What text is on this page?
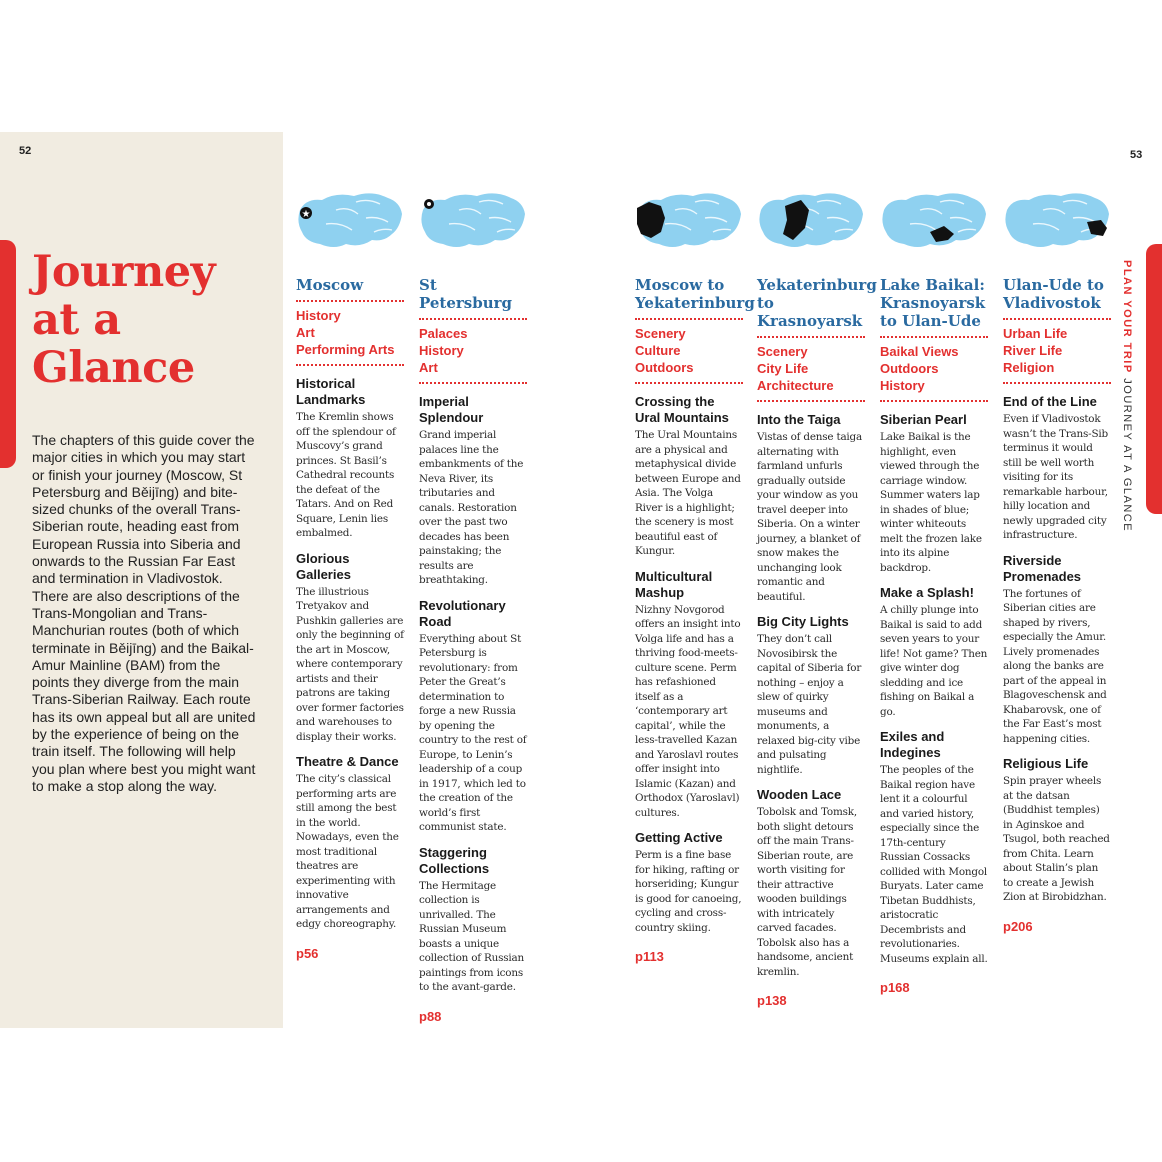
52	53
Journey at a Glance

The chapters of this guide cover the major cities in which you may start or finish your journey (Moscow, St Petersburg and Běijīng) and bite-sized chunks of the overall Trans-Siberian route, heading east from European Russia into Siberia and onwards to the Russian Far East and termination in Vladivostok. There are also descriptions of the Trans-Mongolian and Trans-Manchurian routes (both of which terminate in Běijīng) and the Baikal-Amur Mainline (BAM) from the points they diverge from the main Trans-Siberian Railway. Each route has its own appeal but all are united by the experience of being on the train itself. The following will help you plan where best you might want to make a stop along the way.

PLAN YOUR TRIP JOURNEY AT A GLANCE
★
Moscow
History
Art
Performing Arts
Historical Landmarks

The Kremlin shows off the splendour of Muscovy’s grand princes. St Basil’s Cathedral recounts the defeat of the Tatars. And on Red Square, Lenin lies embalmed.

Glorious Galleries

The illustrious Tretyakov and Pushkin galleries are only the beginning of the art in Moscow, where contemporary artists and their patrons are taking over former factories and warehouses to display their works.

Theatre & Dance

The city’s classical performing arts are still among the best in the world. Nowadays, even the most traditional theatres are experimenting with innovative arrangements and edgy choreography.

p56
St Petersburg
Palaces
History
Art
Imperial Splendour

Grand imperial palaces line the embankments of the Neva River, its tributaries and canals. Restoration over the past two decades has been painstaking; the results are breathtaking.

Revolutionary Road

Everything about St Petersburg is revolutionary: from Peter the Great’s determination to forge a new Russia by opening the country to the rest of Europe, to Lenin’s leadership of a coup in 1917, which led to the creation of the world’s first communist state.

Staggering Collections

The Hermitage collection is unrivalled. The Russian Museum boasts a unique collection of Russian paintings from icons to the avant-garde.

p88
Moscow to Yekaterinburg
Scenery
Culture
Outdoors
Crossing the Ural Mountains

The Ural Mountains are a physical and metaphysical divide between Europe and Asia. The Volga River is a highlight; the scenery is most beautiful east of Kungur.

Multicultural Mashup

Nizhny Novgorod offers an insight into Volga life and has a thriving food-meets-culture scene. Perm has refashioned itself as a ‘contemporary art capital’, while the less-travelled Kazan and Yaroslavl routes offer insight into Islamic (Kazan) and Orthodox (Yaroslavl) cultures.

Getting Active

Perm is a fine base for hiking, rafting or horseriding; Kungur is good for canoeing, cycling and cross-country skiing.

p113
Yekaterinburg to Krasnoyarsk
Scenery
City Life
Architecture
Into the Taiga

Vistas of dense taiga alternating with farmland unfurls gradually outside your window as you travel deeper into Siberia. On a winter journey, a blanket of snow makes the unchanging look romantic and beautiful.

Big City Lights

They don’t call Novosibirsk the capital of Siberia for nothing – enjoy a slew of quirky museums and monuments, a relaxed big-city vibe and pulsating nightlife.

Wooden Lace

Tobolsk and Tomsk, both slight detours off the main Trans-Siberian route, are worth visiting for their attractive wooden buildings with intricately carved facades. Tobolsk also has a handsome, ancient kremlin.

p138
Lake Baikal: Krasnoyarsk to Ulan-Ude
Baikal Views
Outdoors
History
Siberian Pearl

Lake Baikal is the highlight, even viewed through the carriage window. Summer waters lap in shades of blue; winter whiteouts melt the frozen lake into its alpine backdrop.

Make a Splash!

A chilly plunge into Baikal is said to add seven years to your life! Not game? Then give winter dog sledding and ice fishing on Baikal a go.

Exiles and Indegines

The peoples of the Baikal region have lent it a colourful and varied history, especially since the 17th-century Russian Cossacks collided with Mongol Buryats. Later came Tibetan Buddhists, aristocratic Decembrists and revolutionaries. Museums explain all.

p168
Ulan-Ude to Vladivostok
Urban Life
River Life
Religion
End of the Line

Even if Vladivostok wasn’t the Trans-Sib terminus it would still be well worth visiting for its remarkable harbour, hilly location and newly upgraded city infrastructure.

Riverside Promenades

The fortunes of Siberian cities are shaped by rivers, especially the Amur. Lively promenades along the banks are part of the appeal in Blagoveschensk and Khabarovsk, one of the Far East’s most happening cities.

Religious Life

Spin prayer wheels at the datsan (Buddhist temples) in Aginskoe and Tsugol, both reached from Chita. Learn about Stalin’s plan to create a Jewish Zion at Birobidzhan.

p206
